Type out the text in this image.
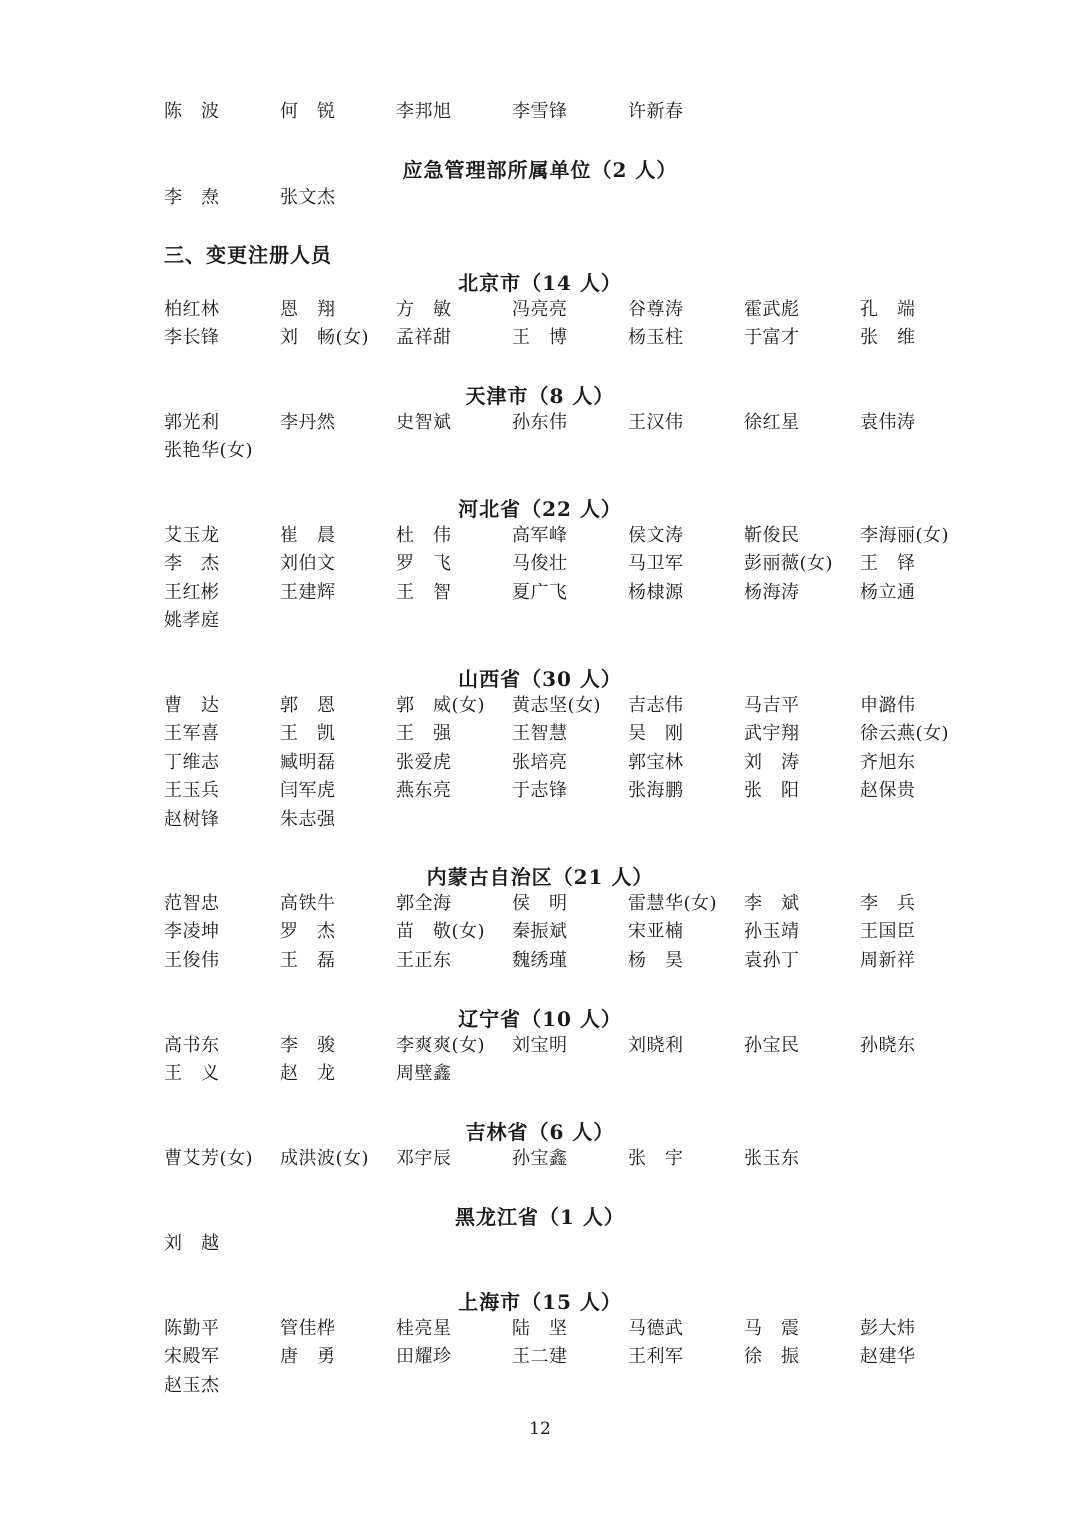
陈　波	何　锐	李邦旭	李雪锋	许新春
应急管理部所属单位（2 人）
李　焘	张文杰
三、变更注册人员
北京市（14 人）
柏红林	恩　翔	方　敏	冯亮亮	谷尊涛	霍武彪	孔　端
李长锋	刘　畅(女) 孟祥甜	王　博	杨玉柱	于富才	张　维
天津市（8 人）
郭光利	李丹然	史智斌	孙东伟	王汉伟	徐红星	袁伟涛
张艳华(女)
河北省（22 人）
艾玉龙	崔　晨	杜　伟	高军峰	侯文涛	靳俊民	李海丽(女)
李　杰	刘伯文	罗　飞	马俊壮	马卫军	彭丽薇(女) 王　铎
王红彬	王建辉	王　智	夏广飞	杨棣源	杨海涛	杨立通
姚孝庭
山西省（30 人）
曹　达	郭　恩	郭　威(女) 黄志坚(女) 吉志伟	马吉平	申潞伟
王军喜	王　凯	王　强	王智慧	吴　刚	武宇翔	徐云燕(女)
丁维志	臧明磊	张爱虎	张培亮	郭宝林	刘　涛	齐旭东
王玉兵	闫军虎	燕东亮	于志锋	张海鹏	张　阳	赵保贵
赵树锋	朱志强
内蒙古自治区（21 人）
范智忠	高铁牛	郭全海	侯　明	雷慧华(女) 李　斌	李　兵
李凌坤	罗　杰	苗　敬(女) 秦振斌	宋亚楠	孙玉靖	王国臣
王俊伟	王　磊	王正东	魏绣瑾	杨　昊	袁孙丁	周新祥
辽宁省（10 人）
高书东	李　骏	李爽爽(女) 刘宝明	刘晓利	孙宝民	孙晓东
王　义	赵　龙	周壁鑫
吉林省（6 人）
曹艾芳(女) 成洪波(女) 邓宇辰	孙宝鑫	张　宇	张玉东
黑龙江省（1 人）
刘　越
上海市（15 人）
陈勤平	管佳桦	桂亮星	陆　坚	马德武	马　震	彭大炜
宋殿军	唐　勇	田耀珍	王二建	王利军	徐　振	赵建华
赵玉杰
12
